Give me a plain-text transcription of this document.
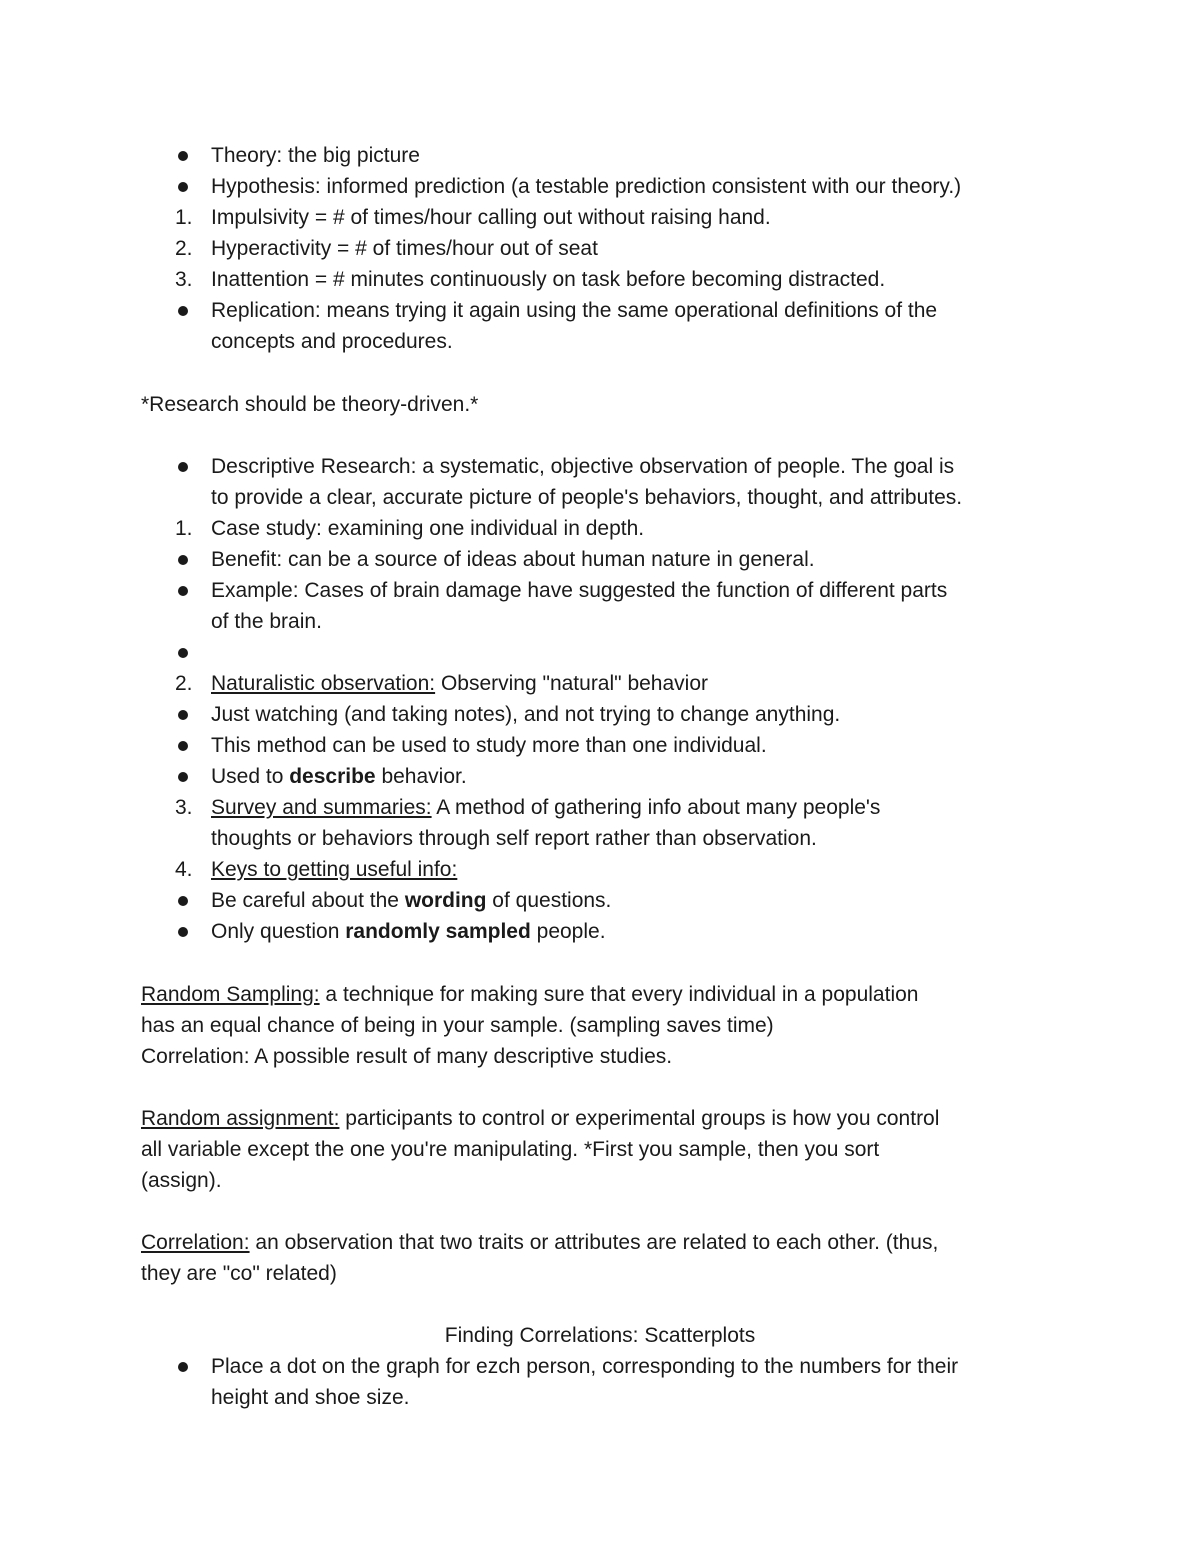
Theory: the big picture
Hypothesis: informed prediction (a testable prediction consistent with our theory.)
1. Impulsivity = # of times/hour calling out without raising hand.
2. Hyperactivity = # of times/hour out of seat
3. Inattention = # minutes continuously on task before becoming distracted.
Replication: means trying it again using the same operational definitions of the
concepts and procedures.
*Research should be theory-driven.*
Descriptive Research: a systematic, objective observation of people. The goal is
to provide a clear, accurate picture of people's behaviors, thought, and attributes.
1. Case study: examining one individual in depth.
Benefit: can be a source of ideas about human nature in general.
Example: Cases of brain damage have suggested the function of different parts
of the brain.
2. Naturalistic observation: Observing "natural" behavior
Just watching (and taking notes), and not trying to change anything.
This method can be used to study more than one individual.
Used to describe behavior.
3. Survey and summaries: A method of gathering info about many people's
thoughts or behaviors through self report rather than observation.
4. Keys to getting useful info:
Be careful about the wording of questions.
Only question randomly sampled people.
Random Sampling: a technique for making sure that every individual in a population
has an equal chance of being in your sample. (sampling saves time)
Correlation: A possible result of many descriptive studies.
Random assignment: participants to control or experimental groups is how you control
all variable except the one you're manipulating. *First you sample, then you sort
(assign).
Correlation: an observation that two traits or attributes are related to each other. (thus,
they are "co" related)
Finding Correlations: Scatterplots
Place a dot on the graph for ezch person, corresponding to the numbers for their
height and shoe size.
